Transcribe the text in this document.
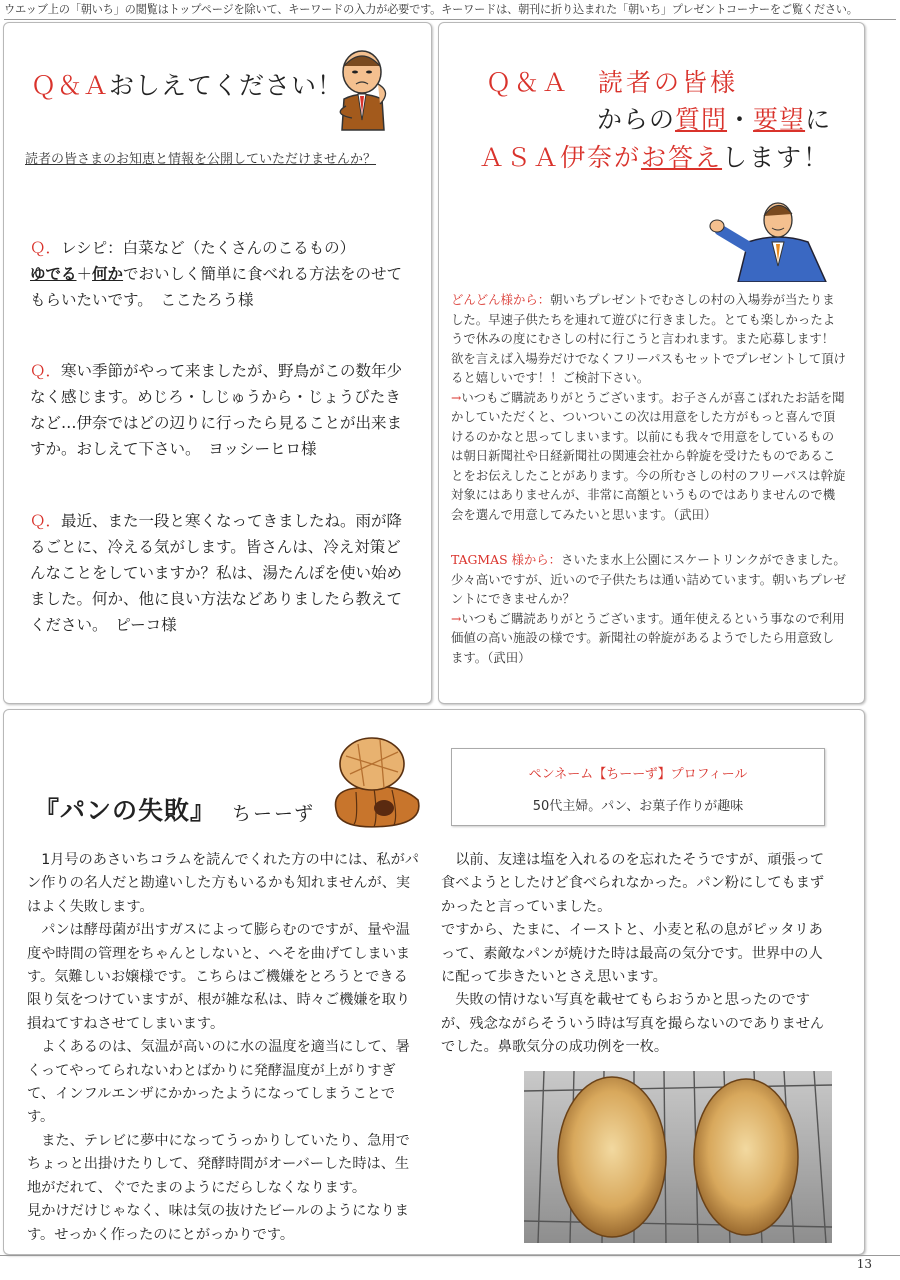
ウエッブ上の「朝いち」の閲覧はトップページを除いて、キーワードの入力が必要です。キーワードは、朝刊に折り込まれた「朝いち」プレゼントコーナーをご覧ください。
Ｑ＆Ａおしえてください！
読者の皆さまのお知恵と情報を公開していただけませんか？
Ｑ．レシピ：白菜など（たくさんのこるもの）
ゆでる＋何かでおいしく簡単に食べれる方法をのせてもらいたいです。　ここたろう様
Ｑ．寒い季節がやって来ましたが、野鳥がこの数年少なく感じます。めじろ・しじゅうから・じょうびたきなど…伊奈ではどの辺りに行ったら見ることが出来ますか。おしえて下さい。　ヨッシーヒロ様
Ｑ．最近、また一段と寒くなってきましたね。雨が降るごとに、冷える気がします。皆さんは、冷え対策どんなことをしていますか？私は、湯たんぽを使い始めました。何か、他に良い方法などありましたら教えてください。　ピーコ様
Ｑ＆Ａ　読者の皆様
からの質問・要望に
ＡＳＡ伊奈がお答えします！

どんどん様から：朝いちプレゼントでむさしの村の入場券が当たりました。早速子供たちを連れて遊びに行きました。とても楽しかったようで休みの度にむさしの村に行こうと言われます。また応募します！欲を言えば入場券だけでなくフリーパスもセットでプレゼントして頂けると嬉しいです！！ご検討下さい。

→いつもご購読ありがとうございます。お子さんが喜こばれたお話を聞かしていただくと、ついついこの次は用意をした方がもっと喜んで頂けるのかなと思ってしまいます。以前にも我々で用意をしているものは朝日新聞社や日経新聞社の関連会社から幹旋を受けたものであることをお伝えしたことがあります。今の所むさしの村のフリーパスは幹旋対象にはありませんが、非常に高額というものではありませんので機会を選んで用意してみたいと思います。（武田）

TAGMAS 様から：さいたま水上公園にスケートリンクができました。少々高いですが、近いので子供たちは通い詰めています。朝いちプレゼントにできませんか？

→いつもご購読ありがとうございます。通年使えるという事なので利用価値の高い施設の様です。新聞社の幹旋があるようでしたら用意致します。（武田）

『パンの失敗』 ちーーず
ペンネーム【ちーーず】プロフィール
50代主婦。パン、お菓子作りが趣味

　1月号のあさいちコラムを読んでくれた方の中には、私がパン作りの名人だと勘違いした方もいるかも知れませんが、実はよく失敗します。

　パンは酵母菌が出すガスによって膨らむのですが、量や温度や時間の管理をちゃんとしないと、へそを曲げてしまいます。気難しいお嬢様です。こちらはご機嫌をとろうとできる限り気をつけていますが、根が雑な私は、時々ご機嫌を取り損ねてすねさせてしまいます。

　よくあるのは、気温が高いのに水の温度を適当にして、暑くってやってられないわとばかりに発酵温度が上がりすぎて、インフルエンザにかかったようになってしまうことです。

　また、テレビに夢中になってうっかりしていたり、急用でちょっと出掛けたりして、発酵時間がオーバーした時は、生地がだれて、ぐでたまのようにだらしなくなります。

見かけだけじゃなく、味は気の抜けたビールのようになります。せっかく作ったのにとがっかりです。

　以前、友達は塩を入れるのを忘れたそうですが、頑張って食べようとしたけど食べられなかった。パン粉にしてもまずかったと言っていました。

ですから、たまに、イーストと、小麦と私の息がピッタリあって、素敵なパンが焼けた時は最高の気分です。世界中の人に配って歩きたいとさえ思います。

　失敗の情けない写真を載せてもらおうかと思ったのですが、残念ながらそういう時は写真を撮らないのでありませんでした。鼻歌気分の成功例を一枚。

13
